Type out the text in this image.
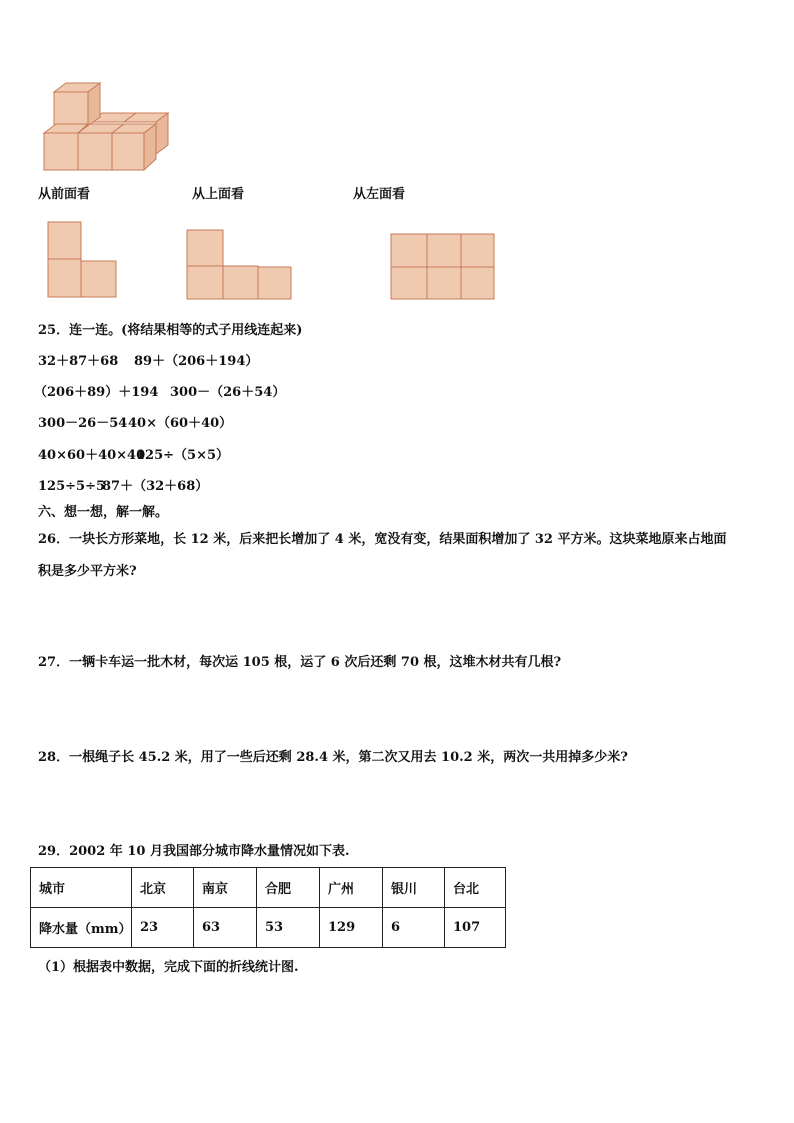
从前面看	从上面看	从左面看
25．连一连。(将结果相等的式子用线连起来)
32＋87＋68 89＋（206＋194）
（206＋89）＋194 300－（26＋54）
300－26－54 40×（60＋40）
40×60＋40×40
125÷（5×5）
125÷5÷5
87＋（32＋68）
六、想一想，解一解。
26．一块长方形菜地，长 12 米，后来把长增加了 4 米，宽没有变，结果面积增加了 32 平方米。这块菜地原来占地面
积是多少平方米?
27．一辆卡车运一批木材，每次运 105 根，运了 6 次后还剩 70 根，这堆木材共有几根?
28．一根绳子长 45.2 米，用了一些后还剩 28.4 米，第二次又用去 10.2 米，两次一共用掉多少米?
29．2002 年 10 月我国部分城市降水量情况如下表.
城市	北京	南京	合肥	广州	银川	台北
降水量（mm）	23	63	53	129	6	107
（1）根据表中数据，完成下面的折线统计图.
